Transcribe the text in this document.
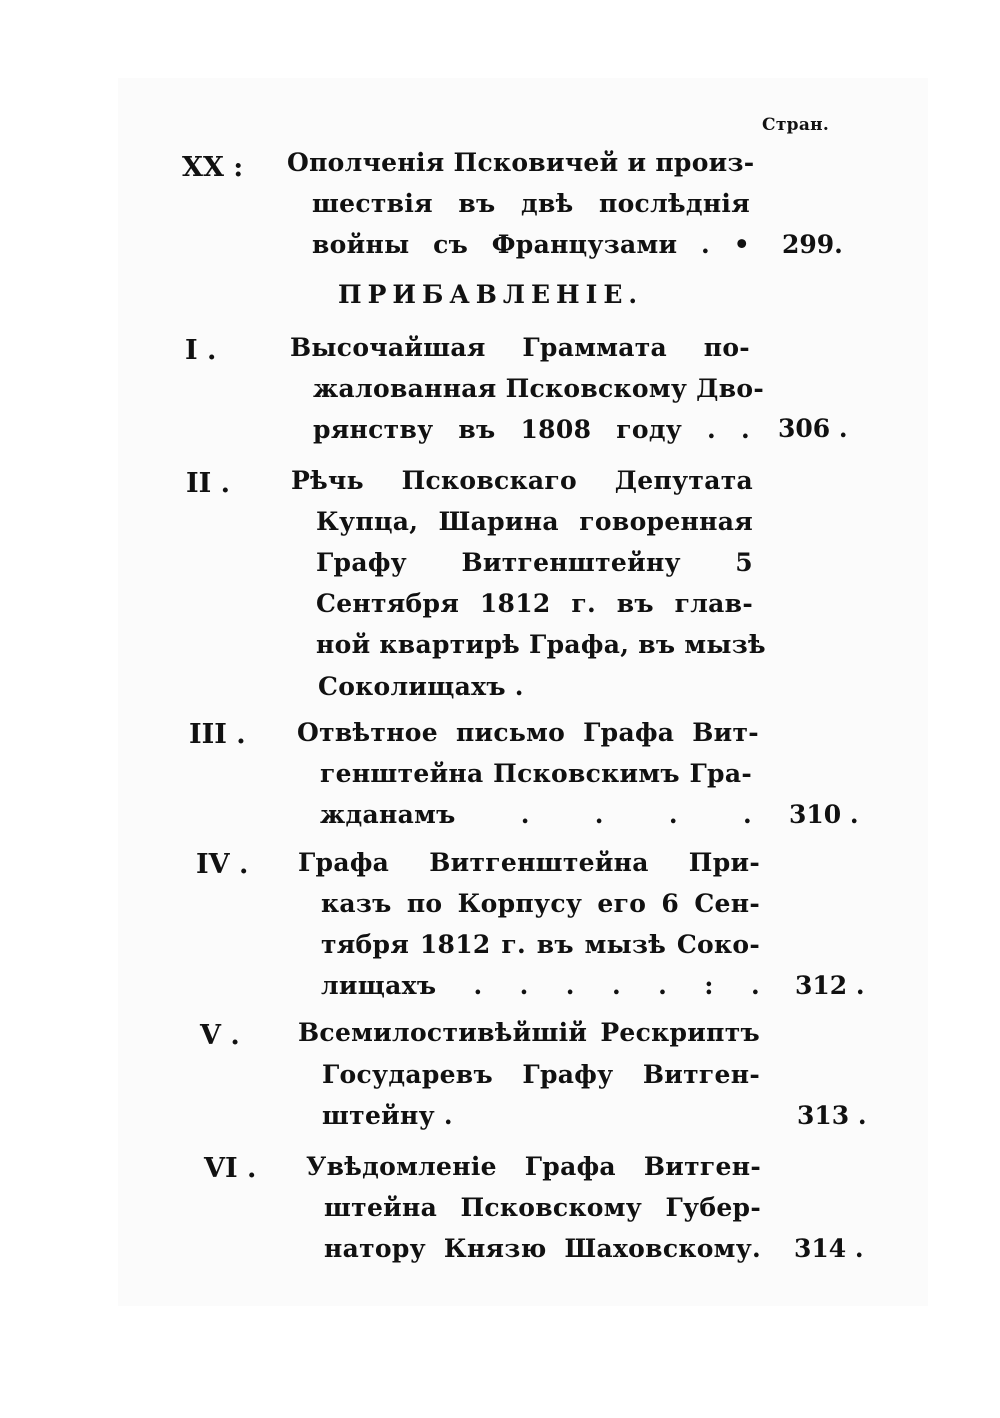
Стран.
XX : Ополченія Псковичей и произ-
шествія въ двѣ послѣднія
войны съ Французами . • 299.
ПРИБАВЛЕНІЕ.
I .	Высочайшая Граммата по-
жалованная Псковскому Дво-
рянству въ 1808 году . . 306 .
II . Рѣчь Псковскаго Депутата
Купца, Шарина говоренная
Графу Витгенштейну 5
Сентября 1812 г. въ глав-
ной квартирѣ Графа, въ мызѣ
Соколищахъ .
III . Отвѣтное письмо Графа Вит-
генштейна Псковскимъ Гра-
жданамъ . . . . 310 .
IV . Графа Витгенштейна При-
казъ по Корпусу его 6 Сен-
тября 1812 г. въ мызѣ Соко-
лищахъ . . . . . : . 312 .
V . Всемилостивѣйшій Рескриптъ
Государевъ Графу Витген-
штейну .	313 .
VI . Увѣдомленіе Графа Витген-
штейна Псковскому Губер-
натору Князю Шаховскому. 314 .
